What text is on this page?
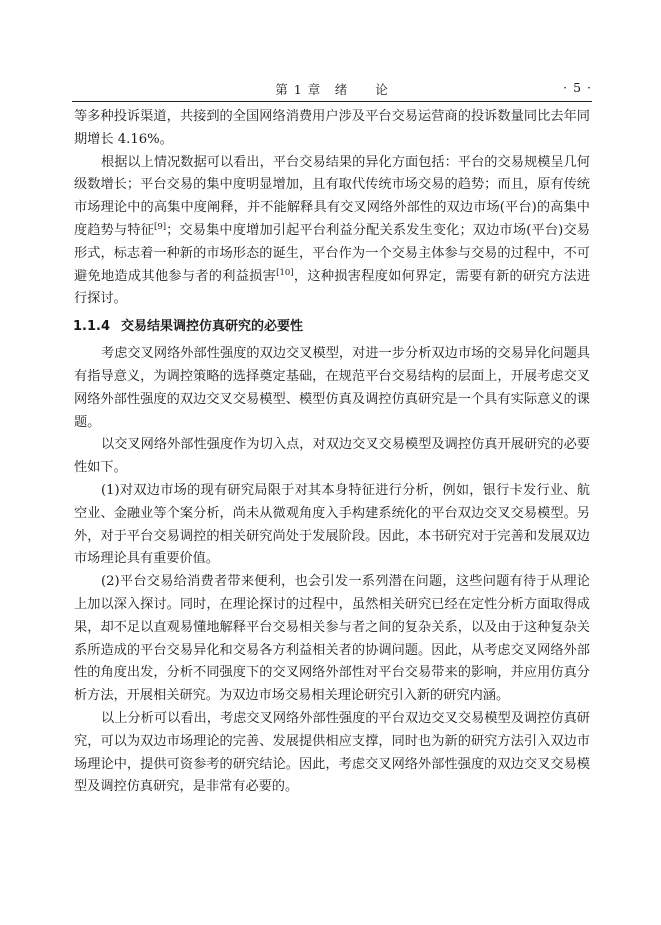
第 1 章　绪　　论	· 5 ·

等多种投诉渠道，共接到的全国网络消费用户涉及平台交易运营商的投诉数量同比去年同期增长 4.16%。

根据以上情况数据可以看出，平台交易结果的异化方面包括：平台的交易规模呈几何级数增长；平台交易的集中度明显增加，且有取代传统市场交易的趋势；而且，原有传统市场理论中的高集中度阐释，并不能解释具有交叉网络外部性的双边市场(平台)的高集中度趋势与特征[9]；交易集中度增加引起平台利益分配关系发生变化；双边市场(平台)交易形式，标志着一种新的市场形态的诞生，平台作为一个交易主体参与交易的过程中，不可避免地造成其他参与者的利益损害[10]，这种损害程度如何界定，需要有新的研究方法进行探讨。

1.1.4 交易结果调控仿真研究的必要性

考虑交叉网络外部性强度的双边交叉模型，对进一步分析双边市场的交易异化问题具有指导意义，为调控策略的选择奠定基础，在规范平台交易结构的层面上，开展考虑交叉网络外部性强度的双边交叉交易模型、模型仿真及调控仿真研究是一个具有实际意义的课题。

以交叉网络外部性强度作为切入点，对双边交叉交易模型及调控仿真开展研究的必要性如下。

(1)对双边市场的现有研究局限于对其本身特征进行分析，例如，银行卡发行业、航空业、金融业等个案分析，尚未从微观角度入手构建系统化的平台双边交叉交易模型。另外，对于平台交易调控的相关研究尚处于发展阶段。因此，本书研究对于完善和发展双边市场理论具有重要价值。

(2)平台交易给消费者带来便利，也会引发一系列潜在问题，这些问题有待于从理论上加以深入探讨。同时，在理论探讨的过程中，虽然相关研究已经在定性分析方面取得成果，却不足以直观易懂地解释平台交易相关参与者之间的复杂关系，以及由于这种复杂关系所造成的平台交易异化和交易各方利益相关者的协调问题。因此，从考虑交叉网络外部性的角度出发，分析不同强度下的交叉网络外部性对平台交易带来的影响，并应用仿真分析方法，开展相关研究。为双边市场交易相关理论研究引入新的研究内涵。

以上分析可以看出，考虑交叉网络外部性强度的平台双边交叉交易模型及调控仿真研究，可以为双边市场理论的完善、发展提供相应支撑，同时也为新的研究方法引入双边市场理论中，提供可资参考的研究结论。因此，考虑交叉网络外部性强度的双边交叉交易模型及调控仿真研究，是非常有必要的。
